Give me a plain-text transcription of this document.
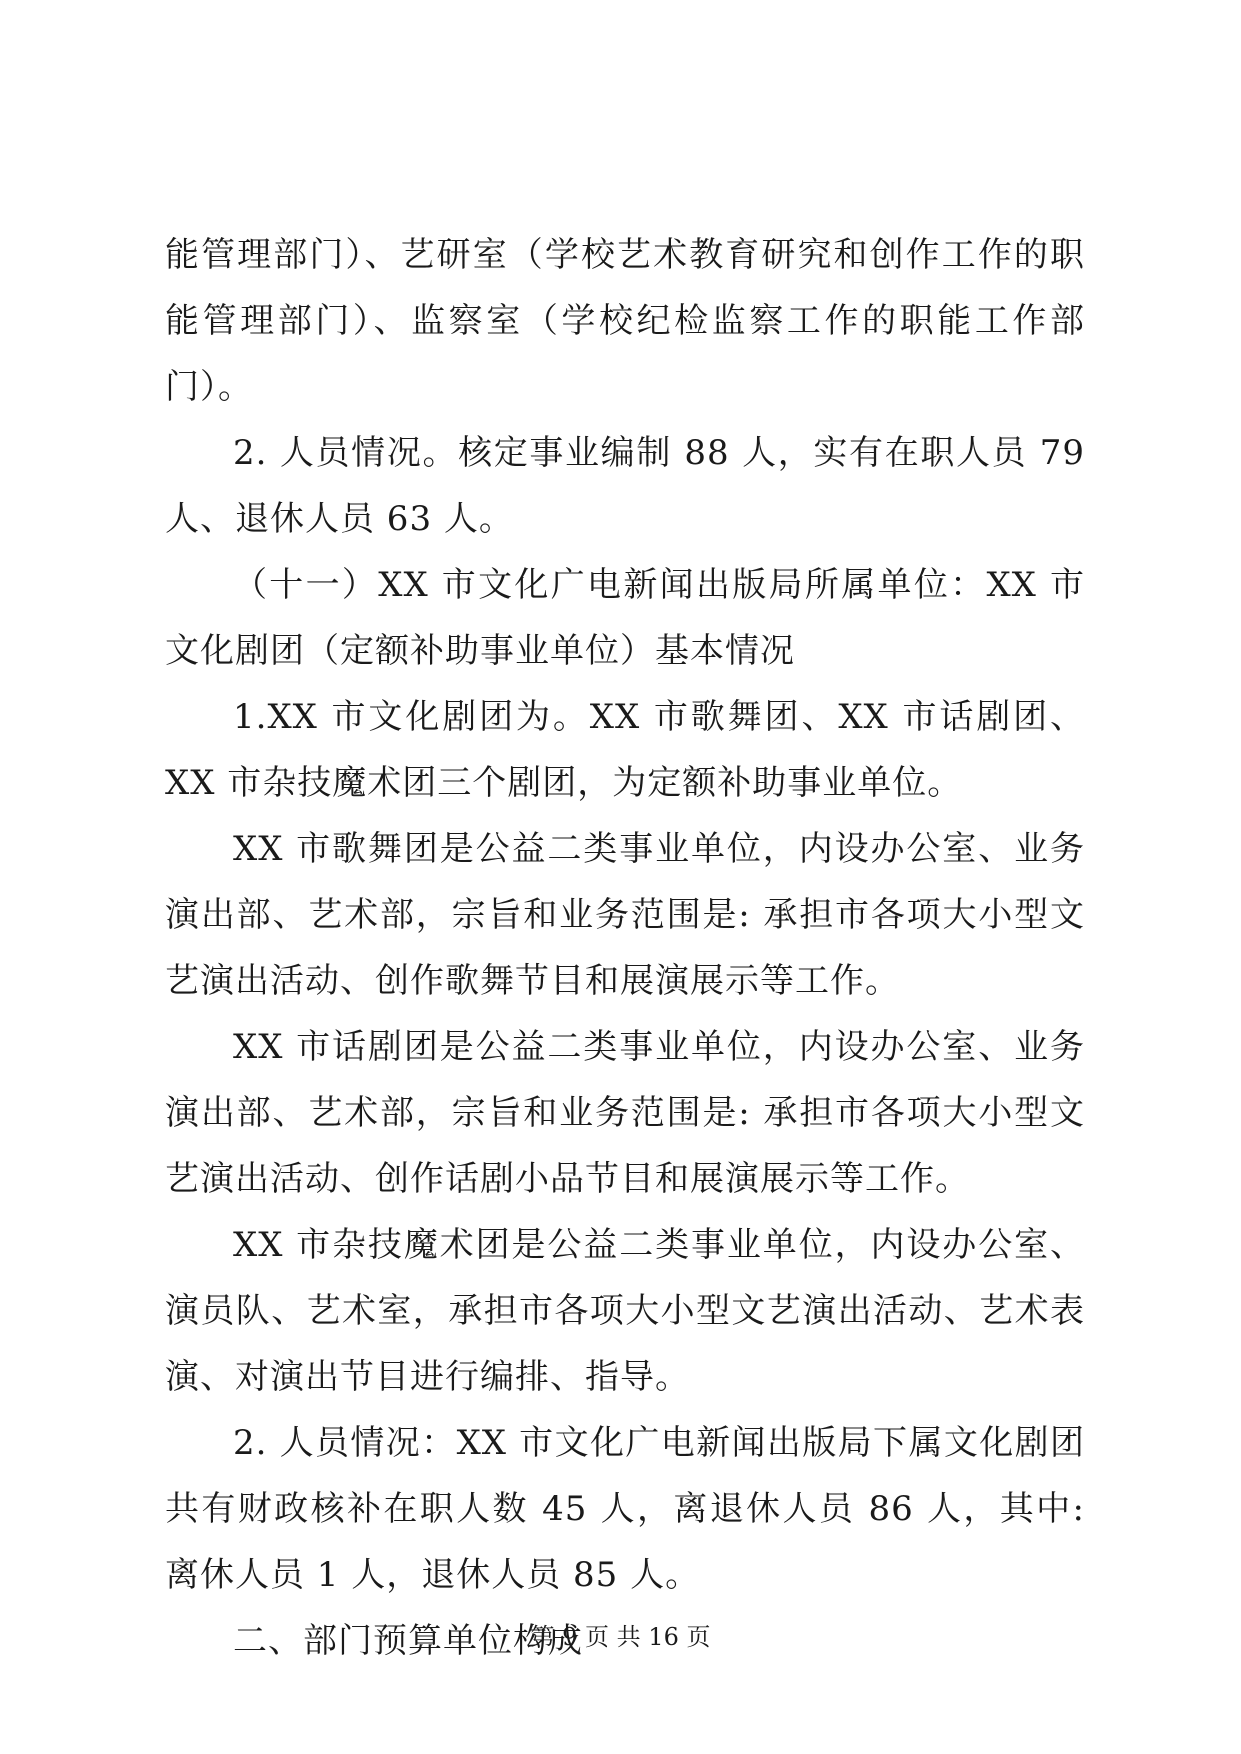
能管理部门）、艺研室（学校艺术教育研究和创作工作的职能管理部门）、监察室（学校纪检监察工作的职能工作部门）。

2. 人员情况。核定事业编制 88 人，实有在职人员 79 人、退休人员 63 人。

（十一）XX 市文化广电新闻出版局所属单位：XX 市文化剧团（定额补助事业单位）基本情况

1.XX 市文化剧团为。XX 市歌舞团、XX 市话剧团、XX 市杂技魔术团三个剧团，为定额补助事业单位。

XX 市歌舞团是公益二类事业单位，内设办公室、业务演出部、艺术部，宗旨和业务范围是: 承担市各项大小型文艺演出活动、创作歌舞节目和展演展示等工作。

XX 市话剧团是公益二类事业单位，内设办公室、业务演出部、艺术部，宗旨和业务范围是: 承担市各项大小型文艺演出活动、创作话剧小品节目和展演展示等工作。

XX 市杂技魔术团是公益二类事业单位，内设办公室、演员队、艺术室，承担市各项大小型文艺演出活动、艺术表演、对演出节目进行编排、指导。

2. 人员情况：XX 市文化广电新闻出版局下属文化剧团共有财政核补在职人数 45 人，离退休人员 86 人，其中: 离休人员 1 人，退休人员 85 人。

二、部门预算单位构成

第 9 页 共 16 页
